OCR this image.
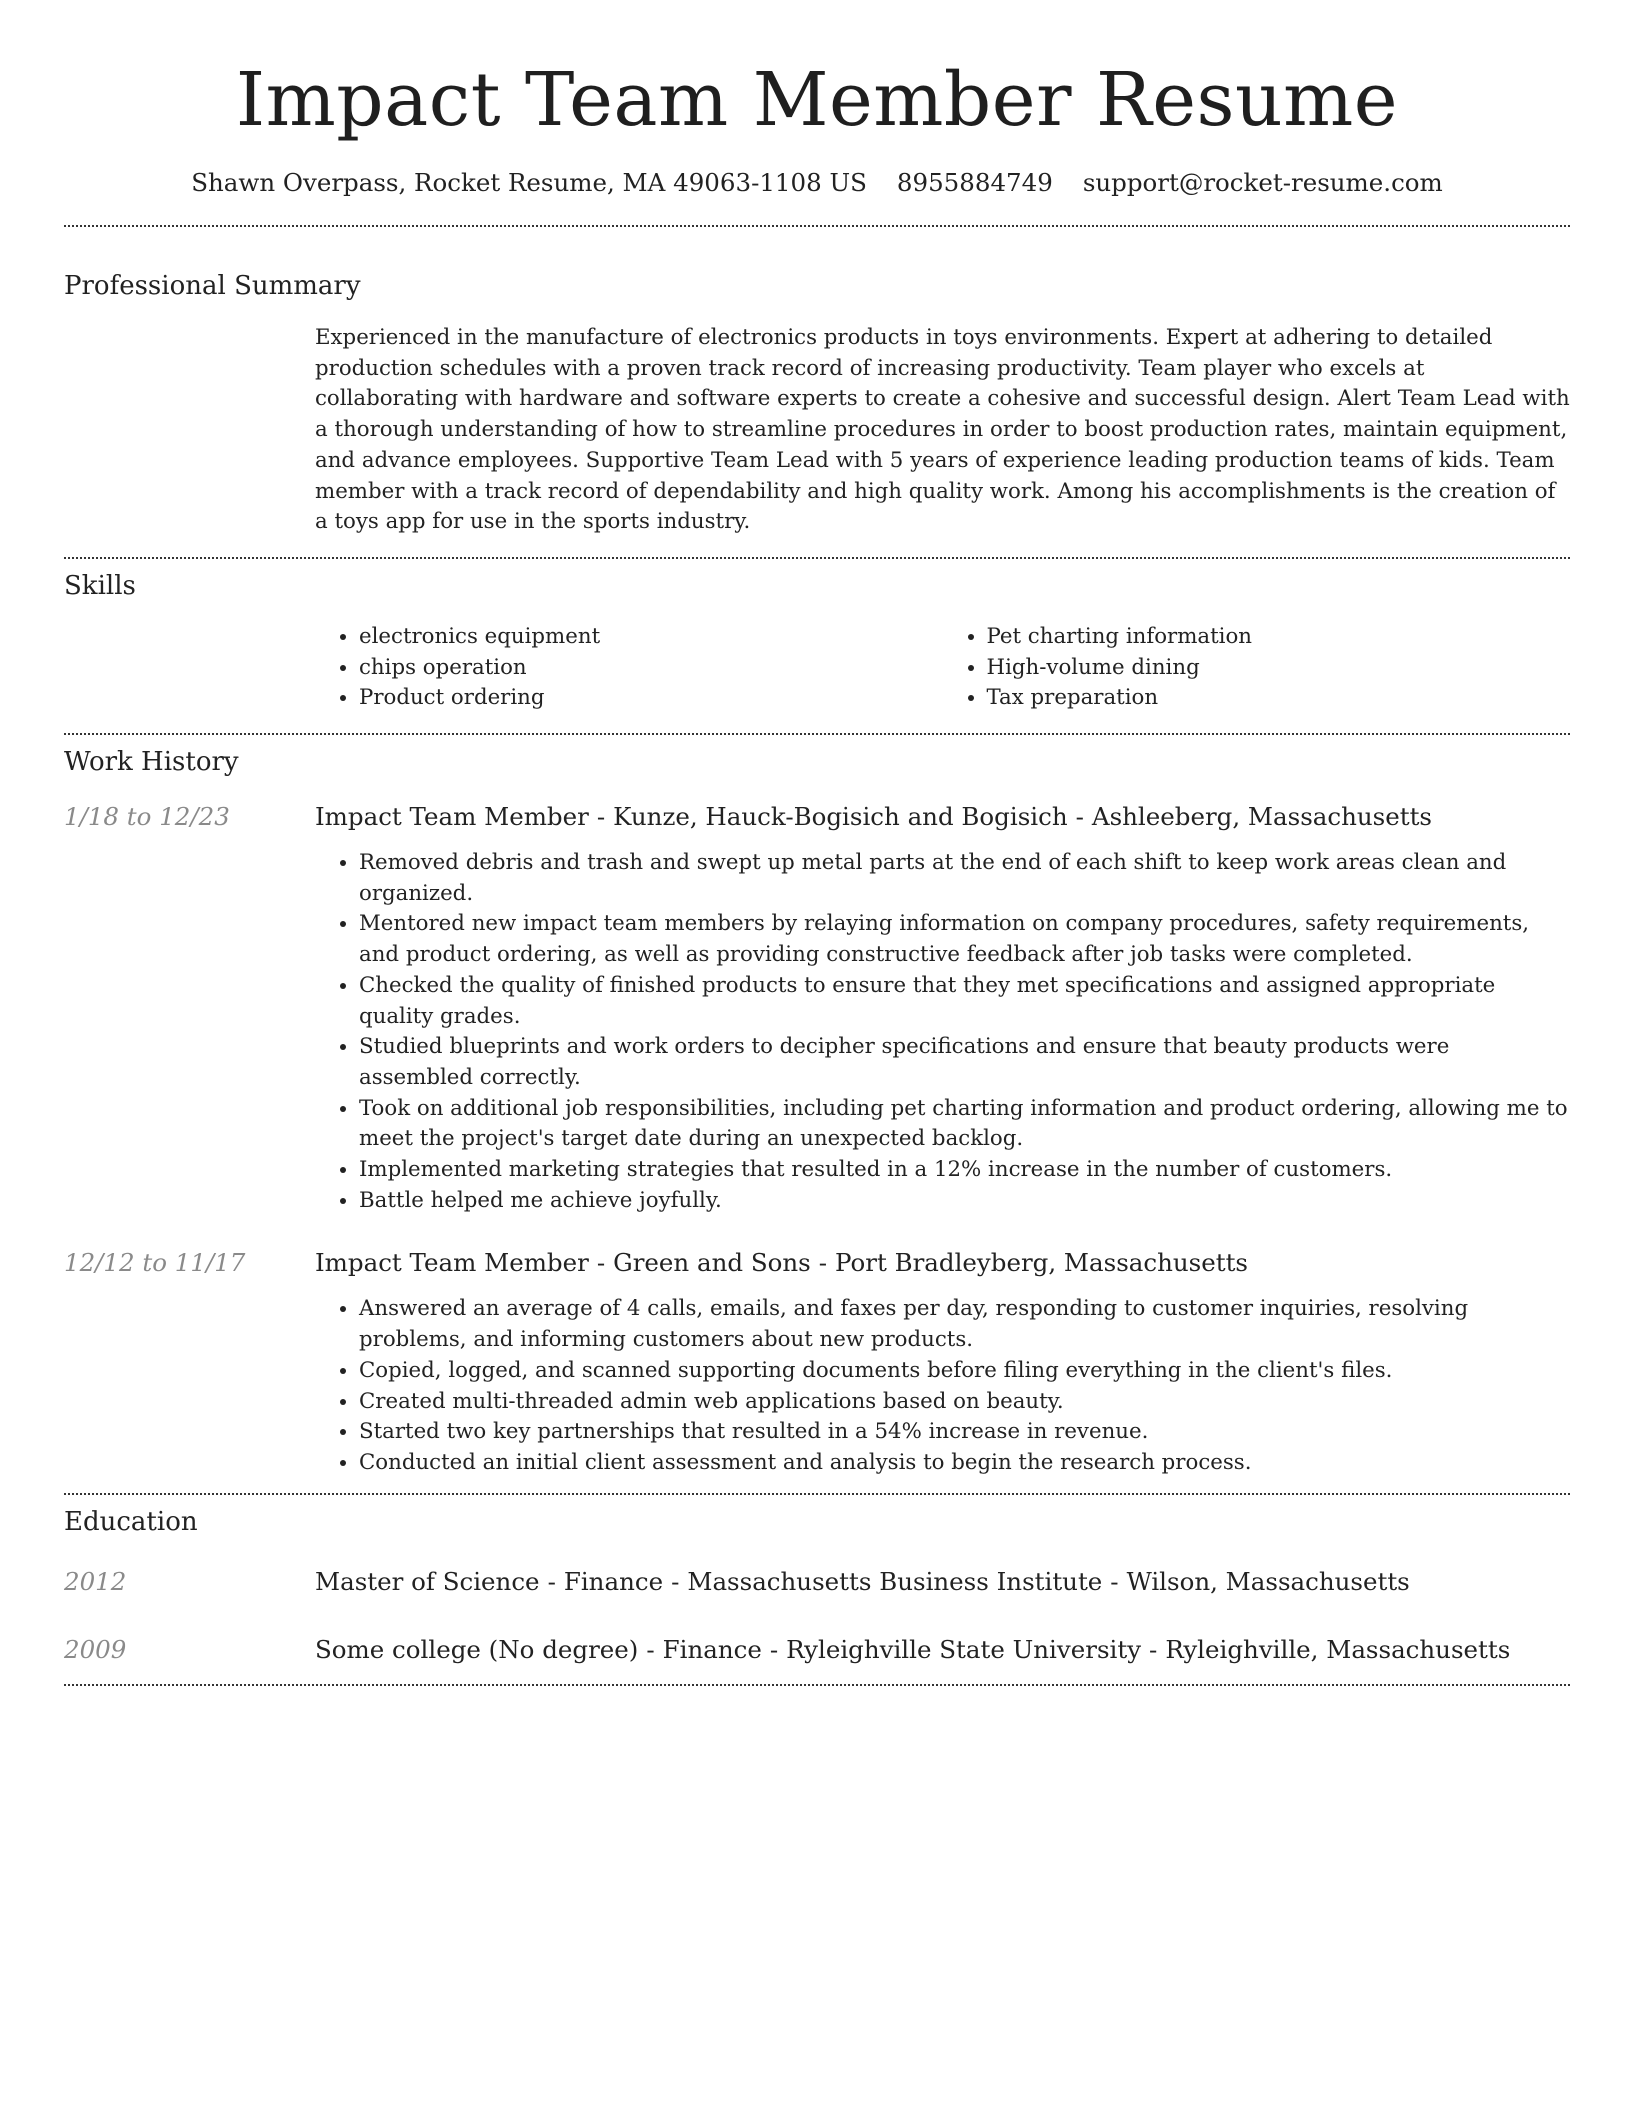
Impact Team Member Resume
Shawn Overpass, Rocket Resume, MA 49063-1108 US 8955884749 support@rocket-resume.com
Professional Summary

Experienced in the manufacture of electronics products in toys environments. Expert at adhering to detailed production schedules with a proven track record of increasing productivity. Team player who excels at collaborating with hardware and software experts to create a cohesive and successful design. Alert Team Lead with a thorough understanding of how to streamline procedures in order to boost production rates, maintain equipment, and advance employees. Supportive Team Lead with 5 years of experience leading production teams of kids. Team member with a track record of dependability and high quality work. Among his accomplishments is the creation of a toys app for use in the sports industry.

Skills
• electronics equipment
• chips operation
• Product ordering
• Pet charting information
• High-volume dining
• Tax preparation
Work History
1/18 to 12/23	Impact Team Member - Kunze, Hauck-Bogisich and Bogisich - Ashleeberg, Massachusetts
• Removed debris and trash and swept up metal parts at the end of each shift to keep work areas clean and organized.
• Mentored new impact team members by relaying information on company procedures, safety requirements, and product ordering, as well as providing constructive feedback after job tasks were completed.
• Checked the quality of finished products to ensure that they met specifications and assigned appropriate quality grades.
• Studied blueprints and work orders to decipher specifications and ensure that beauty products were assembled correctly.
• Took on additional job responsibilities, including pet charting information and product ordering, allowing me to meet the project's target date during an unexpected backlog.
• Implemented marketing strategies that resulted in a 12% increase in the number of customers.
• Battle helped me achieve joyfully.
12/12 to 11/17	Impact Team Member - Green and Sons - Port Bradleyberg, Massachusetts
• Answered an average of 4 calls, emails, and faxes per day, responding to customer inquiries, resolving problems, and informing customers about new products.
• Copied, logged, and scanned supporting documents before filing everything in the client's files.
• Created multi-threaded admin web applications based on beauty.
• Started two key partnerships that resulted in a 54% increase in revenue.
• Conducted an initial client assessment and analysis to begin the research process.
Education
2012	Master of Science - Finance - Massachusetts Business Institute - Wilson, Massachusetts
2009	Some college (No degree) - Finance - Ryleighville State University - Ryleighville, Massachusetts
